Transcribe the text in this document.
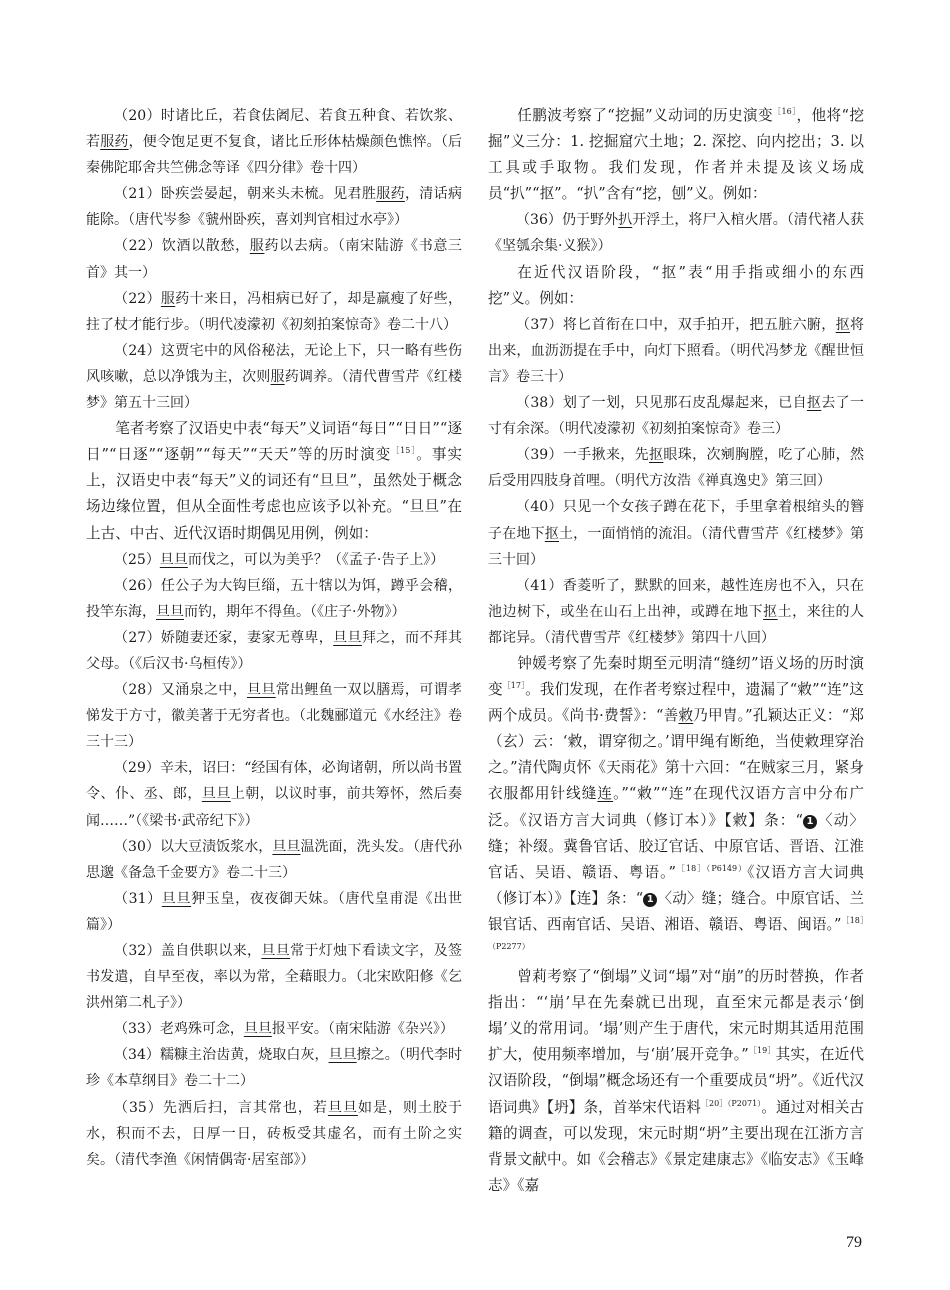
（20）时诸比丘，若食佉阇尼、若食五种食、若饮浆、若服药，便令饱足更不复食，诸比丘形体枯燥颜色憔悴。（后秦佛陀耶舍共竺佛念等译《四分律》卷十四）

（21）卧疾尝晏起，朝来头未梳。见君胜服药，清话病能除。（唐代岑参《虢州卧疾，喜刘判官相过水亭》）

（22）饮酒以散愁，服药以去病。（南宋陆游《书意三首》其一）

（22）服药十来日，冯相病已好了，却是羸瘦了好些，拄了杖才能行步。（明代凌濛初《初刻拍案惊奇》卷二十八）

（24）这贾宅中的风俗秘法，无论上下，只一略有些伤风咳嗽，总以净饿为主，次则服药调养。（清代曹雪芹《红楼梦》第五十三回）

笔者考察了汉语史中表“每天”义词语“每日”“日日”“逐日”“日逐”“逐朝”“每天”“天天”等的历时演变$^{[15]}$。事实上，汉语史中表“每天”义的词还有“旦旦”，虽然处于概念场边缘位置，但从全面性考虑也应该予以补充。“旦旦”在上古、中古、近代汉语时期偶见用例，例如：

（25）旦旦而伐之，可以为美乎？（《孟子·告子上》）

（26）任公子为大钩巨缁，五十犗以为饵，蹲乎会稽，投竿东海，旦旦而钓，期年不得鱼。（《庄子·外物》）

（27）娇随妻还家，妻家无尊卑，旦旦拜之，而不拜其父母。（《后汉书·乌桓传》）

（28）又涌泉之中，旦旦常出鲤鱼一双以膳焉，可谓孝悌发于方寸，徽美著于无穷者也。（北魏郦道元《水经注》卷三十三）

（29）辛未，诏曰：“经国有体，必询诸朝，所以尚书置令、仆、丞、郎，旦旦上朝，以议时事，前共筹怀，然后奏闻……”（《梁书·武帝纪下》）

（30）以大豆渍饭浆水，旦旦温洗面，洗头发。（唐代孙思邈《备急千金要方》卷二十三）

（31）旦旦狎玉皇，夜夜御天妹。（唐代皇甫湜《出世篇》）

（32）盖自供职以来，旦旦常于灯烛下看读文字，及签书发遣，自早至夜，率以为常，全藉眼力。（北宋欧阳修《乞洪州第二札子》）

（33）老鸡殊可念，旦旦报平安。（南宋陆游《杂兴》）

（34）糯糠主治齿黄，烧取白灰，旦旦擦之。（明代李时珍《本草纲目》卷二十二）

（35）先洒后扫，言其常也，若旦旦如是，则土胶于水，积而不去，日厚一日，砖板受其虚名，而有土阶之实矣。（清代李渔《闲情偶寄·居室部》）

任鹏波考察了“挖掘”义动词的历史演变$^{[16]}$，他将“挖掘”义三分：1. 挖掘窟穴土地；2. 深挖、向内挖出；3. 以工具或手取物。我们发现，作者并未提及该义场成员“扒”“抠”。“扒”含有“挖，刨”义。例如：

（36）仍于野外扒开浮土，将尸入棺火厝。（清代褚人获《坚瓠余集·义猴》）

在近代汉语阶段，“抠”表“用手指或细小的东西挖”义。例如：

（37）将匕首衔在口中，双手拍开，把五脏六腑，抠将出来，血沥沥提在手中，向灯下照看。（明代冯梦龙《醒世恒言》卷三十）

（38）划了一划，只见那石皮乱爆起来，已自抠去了一寸有余深。（明代凌濛初《初刻拍案惊奇》卷三）

（39）一手揪来，先抠眼珠，次剜胸膛，吃了心肺，然后受用四肢身首哩。（明代方汝浩《禅真逸史》第三回）

（40）只见一个女孩子蹲在花下，手里拿着根绾头的簪子在地下抠土，一面悄悄的流泪。（清代曹雪芹《红楼梦》第三十回）

（41）香菱听了，默默的回来，越性连房也不入，只在池边树下，或坐在山石上出神，或蹲在地下抠土，来往的人都诧异。（清代曹雪芹《红楼梦》第四十八回）

钟媛考察了先秦时期至元明清“缝纫”语义场的历时演变$^{[17]}$。我们发现，在作者考察过程中，遗漏了“敹”“连”这两个成员。《尚书·费誓》：“善敹乃甲胄。”孔颖达正义：“郑（玄）云：‘敹，谓穿彻之。’谓甲绳有断绝，当使敹理穿治之。”清代陶贞怀《天雨花》第十六回：“在贼家三月，紧身衣服都用针线缝连。”“敹”“连”在现代汉语方言中分布广泛。《汉语方言大词典（修订本）》【敹】条：“ 1 〈动〉缝；补缀。冀鲁官话、胶辽官话、中原官话、晋语、江淮官话、吴语、赣语、粤语。”$^{[18](P6149)}$《汉语方言大词典（修订本）》【连】条：“ 1 〈动〉缝；缝合。中原官话、兰银官话、西南官话、吴语、湘语、赣语、粤语、闽语。”$^{[18](P2277)}$

曾莉考察了“倒塌”义词“塌”对“崩”的历时替换，作者指出：“‘崩’早在先秦就已出现，直至宋元都是表示‘倒塌’义的常用词。‘塌’则产生于唐代，宋元时期其适用范围扩大，使用频率增加，与‘崩’展开竞争。”$^{[19]}$其实，在近代汉语阶段，“倒塌”概念场还有一个重要成员“坍”。《近代汉语词典》【坍】条，首举宋代语料$^{[20](P2071)}$。通过对相关古籍的调查，可以发现，宋元时期“坍”主要出现在江浙方言背景文献中。如《会稽志》《景定建康志》《临安志》《玉峰志》《嘉

79
